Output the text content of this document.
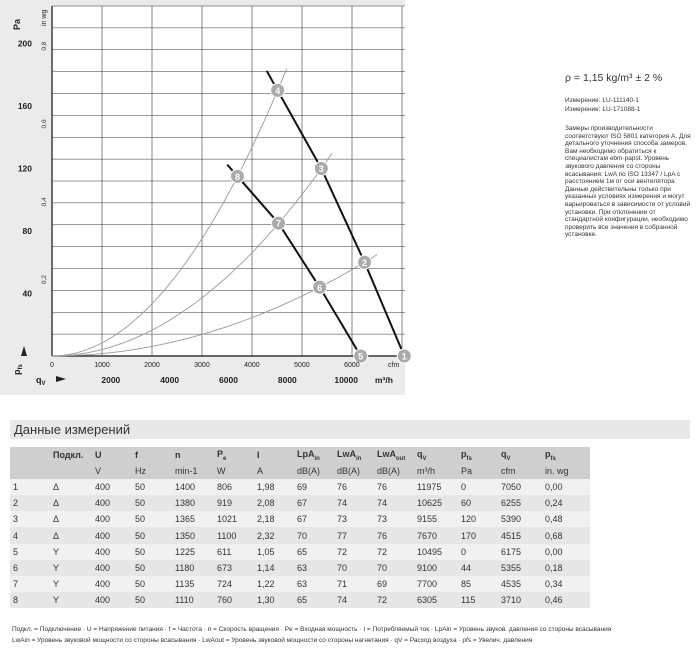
1
2
3
4
5
6
7
8
Pa	in wg
40
80
120
160
200
0,2
0,4
0,6
0,8
$p_{fs}$
$q_V$
0	1000	2000	3000	4000	5000	6000
2000	4000	6000	8000	10000
cfm
m³/h
ρ = 1,15 kg/m³ ± 2 %
Измерение: LU-111140-1
Измерение: LU-171088-1
Замеры производительности соответствуют ISO 5801 категория A. Для детального уточнения способа замеров, Вам необходимо обратиться к специалистам ebm-papst. Уровень звукового давления со стороны всасывания: LwA по ISO 13347 / LpA с расстоянием 1м от оси вентилятора Данные действительны только при указанных условиях измерения и могут варьироваться в зависимости от условий установки. При отклонении от стандартной конфигурации, необходимо проверить все значения в собранной установке.
Данные измерений
	Подкл.	U	f	n	$P_e$	I	LpA$_{in}$	LwA$_{in}$	LwA$_{out}$	$q_V$	$p_{fs}$	$q_V$	$p_{fs}$
		V	Hz	min-1	W	A	dB(A)	dB(A)	dB(A)	m³/h	Pa	cfm	in. wg
1	Δ	400	50	1400	806	1,98	69	76	76	11975	0	7050	0,00
2	Δ	400	50	1380	919	2,08	67	74	74	10625	60	6255	0,24
3	Δ	400	50	1365	1021	2,18	67	73	73	9155	120	5390	0,48
4	Δ	400	50	1350	1100	2,32	70	77	76	7670	170	4515	0,68
5	Y	400	50	1225	611	1,05	65	72	72	10495	0	6175	0,00
6	Y	400	50	1180	673	1,14	63	70	70	9100	44	5355	0,18
7	Y	400	50	1135	724	1,22	63	71	69	7700	85	4535	0,34
8	Y	400	50	1110	760	1,30	65	74	72	6305	115	3710	0,46
Подкл. = Подключение · U = Напряжение питания · f = Частота · n = Скорость вращения · Pe = Входная мощность · I = Потребляемый ток · LpAin = Уровень звуков. давления со стороны всасывания
LwAin = Уровень звуковой мощности со стороны всасывания · LwAout = Уровень звуковой мощности со стороны нагнетания · qV = Расход воздуха · pfs = Увелич. давления
